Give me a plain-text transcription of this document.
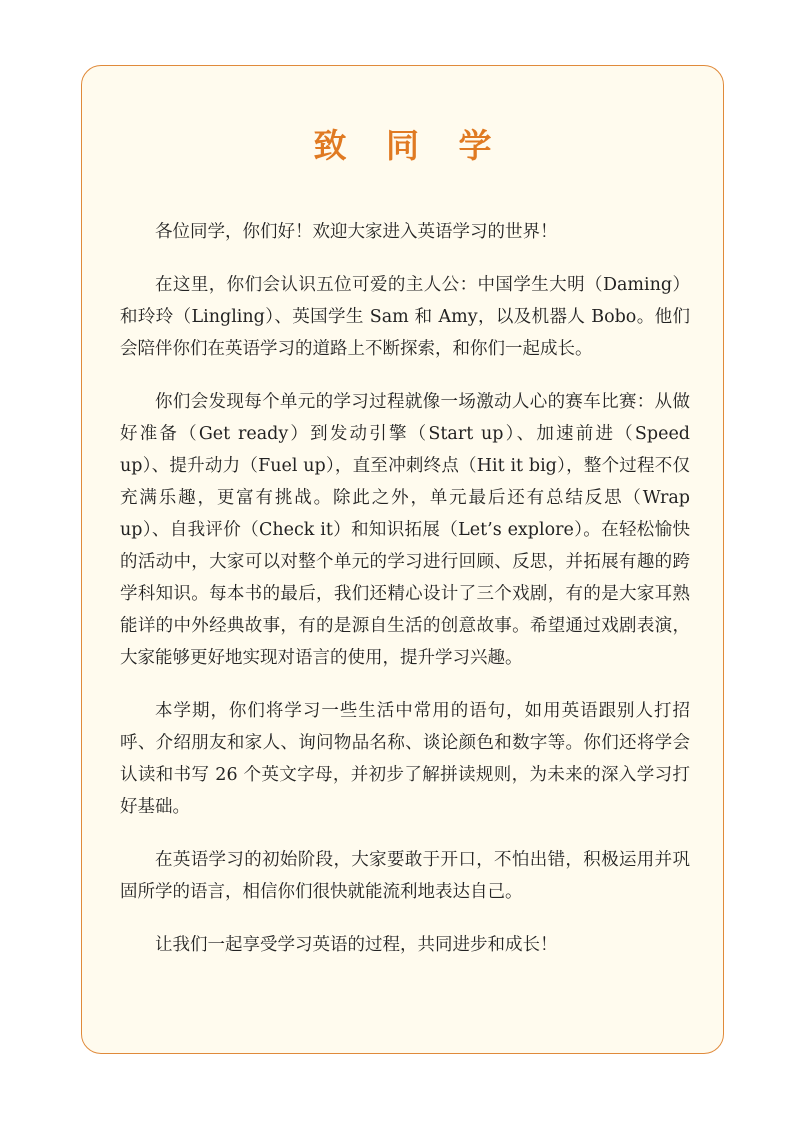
致 同 学

各位同学，你们好！欢迎大家进入英语学习的世界！

在这里，你们会认识五位可爱的主人公：中国学生大明（Daming）和玲玲（Lingling）、英国学生 Sam 和 Amy，以及机器人 Bobo。他们会陪伴你们在英语学习的道路上不断探索，和你们一起成长。

你们会发现每个单元的学习过程就像一场激动人心的赛车比赛：从做好准备（Get ready）到发动引擎（Start up）、加速前进（Speed up）、提升动力（Fuel up），直至冲刺终点（Hit it big），整个过程不仅充满乐趣，更富有挑战。除此之外，单元最后还有总结反思（Wrap up）、自我评价（Check it）和知识拓展（Let’s explore）。在轻松愉快的活动中，大家可以对整个单元的学习进行回顾、反思，并拓展有趣的跨学科知识。每本书的最后，我们还精心设计了三个戏剧，有的是大家耳熟能详的中外经典故事，有的是源自生活的创意故事。希望通过戏剧表演，大家能够更好地实现对语言的使用，提升学习兴趣。

本学期，你们将学习一些生活中常用的语句，如用英语跟别人打招呼、介绍朋友和家人、询问物品名称、谈论颜色和数字等。你们还将学会认读和书写 26 个英文字母，并初步了解拼读规则，为未来的深入学习打好基础。

在英语学习的初始阶段，大家要敢于开口，不怕出错，积极运用并巩固所学的语言，相信你们很快就能流利地表达自己。

让我们一起享受学习英语的过程，共同进步和成长！
